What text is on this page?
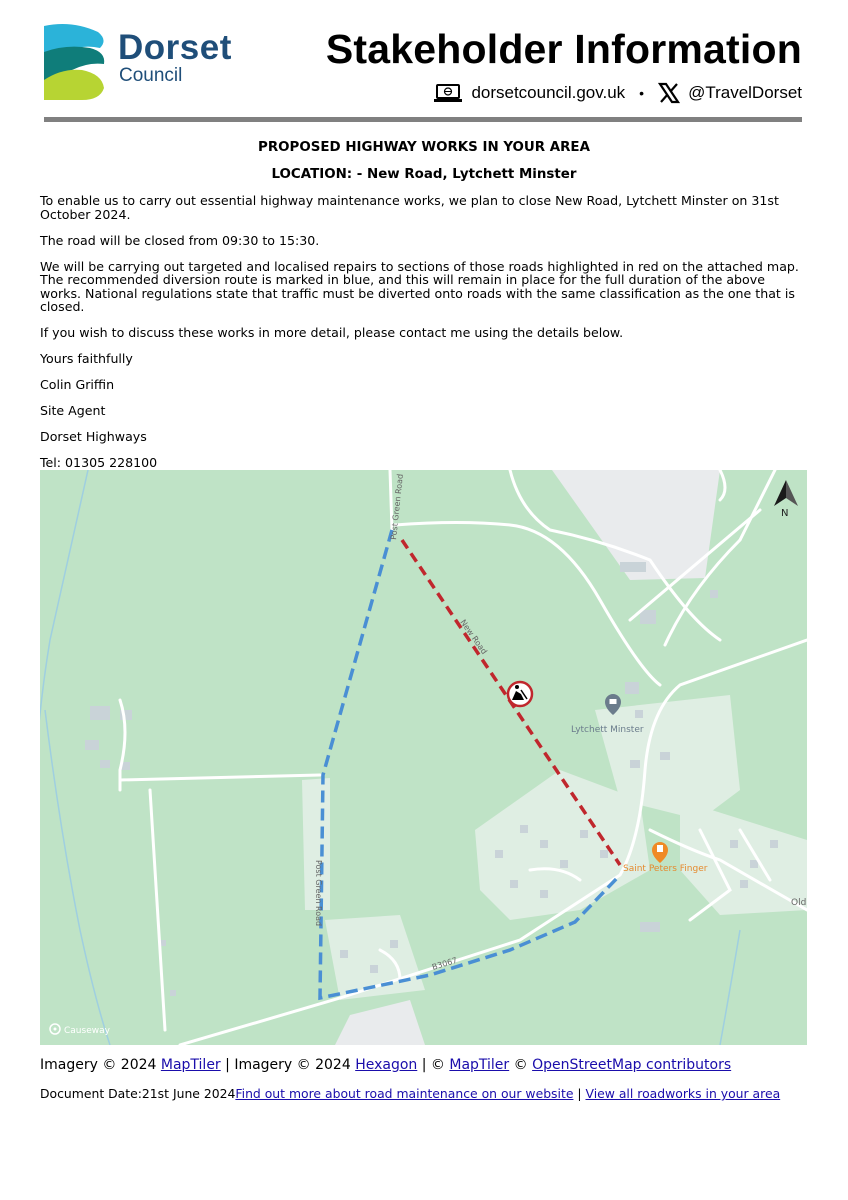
Dorset
Council
Stakeholder Information
dorsetcouncil.gov.uk •	@TravelDorset

PROPOSED HIGHWAY WORKS IN YOUR AREA

LOCATION: - New Road, Lytchett Minster

To enable us to carry out essential highway maintenance works, we plan to close New Road, Lytchett Minster on 31st October 2024.

The road will be closed from 09:30 to 15:30.

We will be carrying out targeted and localised repairs to sections of those roads highlighted in red on the attached map. The recommended diversion route is marked in blue, and this will remain in place for the full duration of the above works. National regulations state that traffic must be diverted onto roads with the same classification as the one that is closed.

If you wish to discuss these works in more detail, please contact me using the details below.

Yours faithfully

Colin Griffin

Site Agent

Dorset Highways

Tel: 01305 228100

Post Green Road
Post Green Road
New Road
B3067
Lytchett Minster
Saint Peters Finger
Old
Causeway
N
Imagery © 2024 MapTiler | Imagery © 2024 Hexagon | © MapTiler © OpenStreetMap contributors
Document Date:21st June 2024Find out more about road maintenance on our website | View all roadworks in your area
